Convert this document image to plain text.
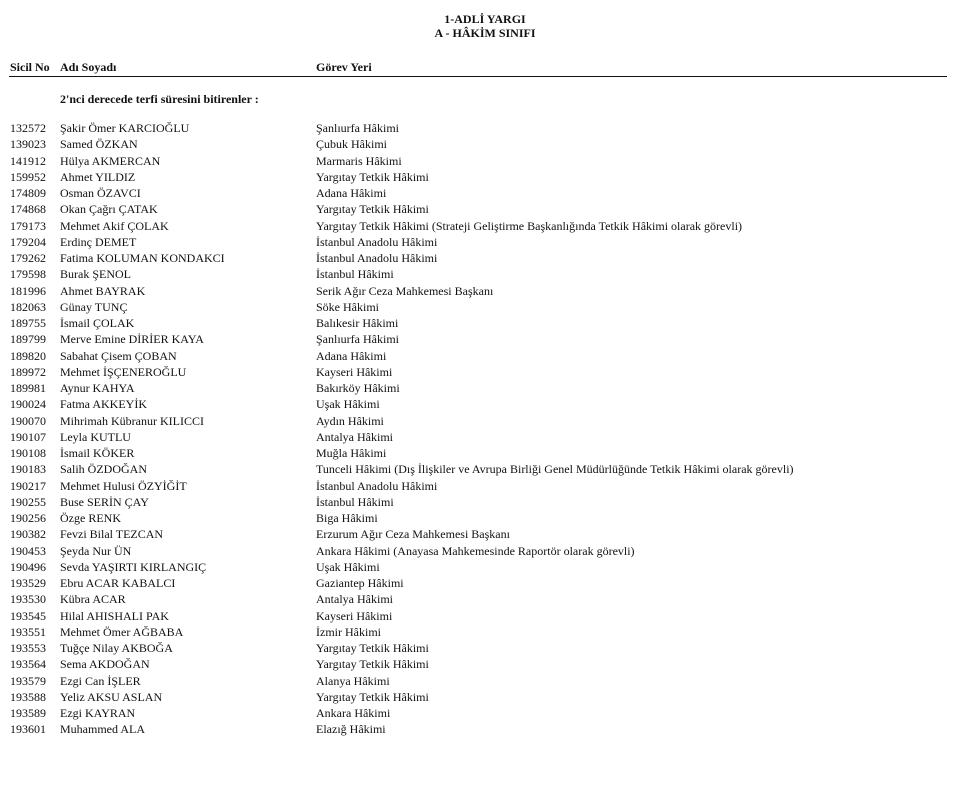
1-ADLİ YARGI
A - HÂKİM SINIFI
Sicil No Adı Soyadı	Görev Yeri
2'nci derecede terfi süresini bitirenler :
132572 Şakir Ömer KARCIOĞLU	Şanlıurfa Hâkimi
139023 Samed ÖZKAN	Çubuk Hâkimi
141912 Hülya AKMERCAN	Marmaris Hâkimi
159952 Ahmet YILDIZ	Yargıtay Tetkik Hâkimi
174809 Osman ÖZAVCI	Adana Hâkimi
174868 Okan Çağrı ÇATAK	Yargıtay Tetkik Hâkimi
179173 Mehmet Akif ÇOLAK	Yargıtay Tetkik Hâkimi (Strateji Geliştirme Başkanlığında Tetkik Hâkimi olarak görevli)
179204 Erdinç DEMET	İstanbul Anadolu Hâkimi
179262 Fatima KOLUMAN KONDAKCI	İstanbul Anadolu Hâkimi
179598 Burak ŞENOL	İstanbul Hâkimi
181996 Ahmet BAYRAK	Serik Ağır Ceza Mahkemesi Başkanı
182063 Günay TUNÇ	Söke Hâkimi
189755 İsmail ÇOLAK	Balıkesir Hâkimi
189799 Merve Emine DİRİER KAYA	Şanlıurfa Hâkimi
189820 Sabahat Çisem ÇOBAN	Adana Hâkimi
189972 Mehmet İŞÇENEROĞLU	Kayseri Hâkimi
189981 Aynur KAHYA	Bakırköy Hâkimi
190024 Fatma AKKEYİK	Uşak Hâkimi
190070 Mihrimah Kübranur KILICCI	Aydın Hâkimi
190107 Leyla KUTLU	Antalya Hâkimi
190108 İsmail KÖKER	Muğla Hâkimi
190183 Salih ÖZDOĞAN	Tunceli Hâkimi (Dış İlişkiler ve Avrupa Birliği Genel Müdürlüğünde Tetkik Hâkimi olarak görevli)
190217 Mehmet Hulusi ÖZYİĞİT	İstanbul Anadolu Hâkimi
190255 Buse SERİN ÇAY	İstanbul Hâkimi
190256 Özge RENK	Biga Hâkimi
190382 Fevzi Bilal TEZCAN	Erzurum Ağır Ceza Mahkemesi Başkanı
190453 Şeyda Nur ÜN	Ankara Hâkimi (Anayasa Mahkemesinde Raportör olarak görevli)
190496 Sevda YAŞIRTI KIRLANGIÇ	Uşak Hâkimi
193529 Ebru ACAR KABALCI	Gaziantep Hâkimi
193530 Kübra ACAR	Antalya Hâkimi
193545 Hilal AHISHALI PAK	Kayseri Hâkimi
193551 Mehmet Ömer AĞBABA	İzmir Hâkimi
193553 Tuğçe Nilay AKBOĞA	Yargıtay Tetkik Hâkimi
193564 Sema AKDOĞAN	Yargıtay Tetkik Hâkimi
193579 Ezgi Can İŞLER	Alanya Hâkimi
193588 Yeliz AKSU ASLAN	Yargıtay Tetkik Hâkimi
193589 Ezgi KAYRAN	Ankara Hâkimi
193601 Muhammed ALA	Elazığ Hâkimi
